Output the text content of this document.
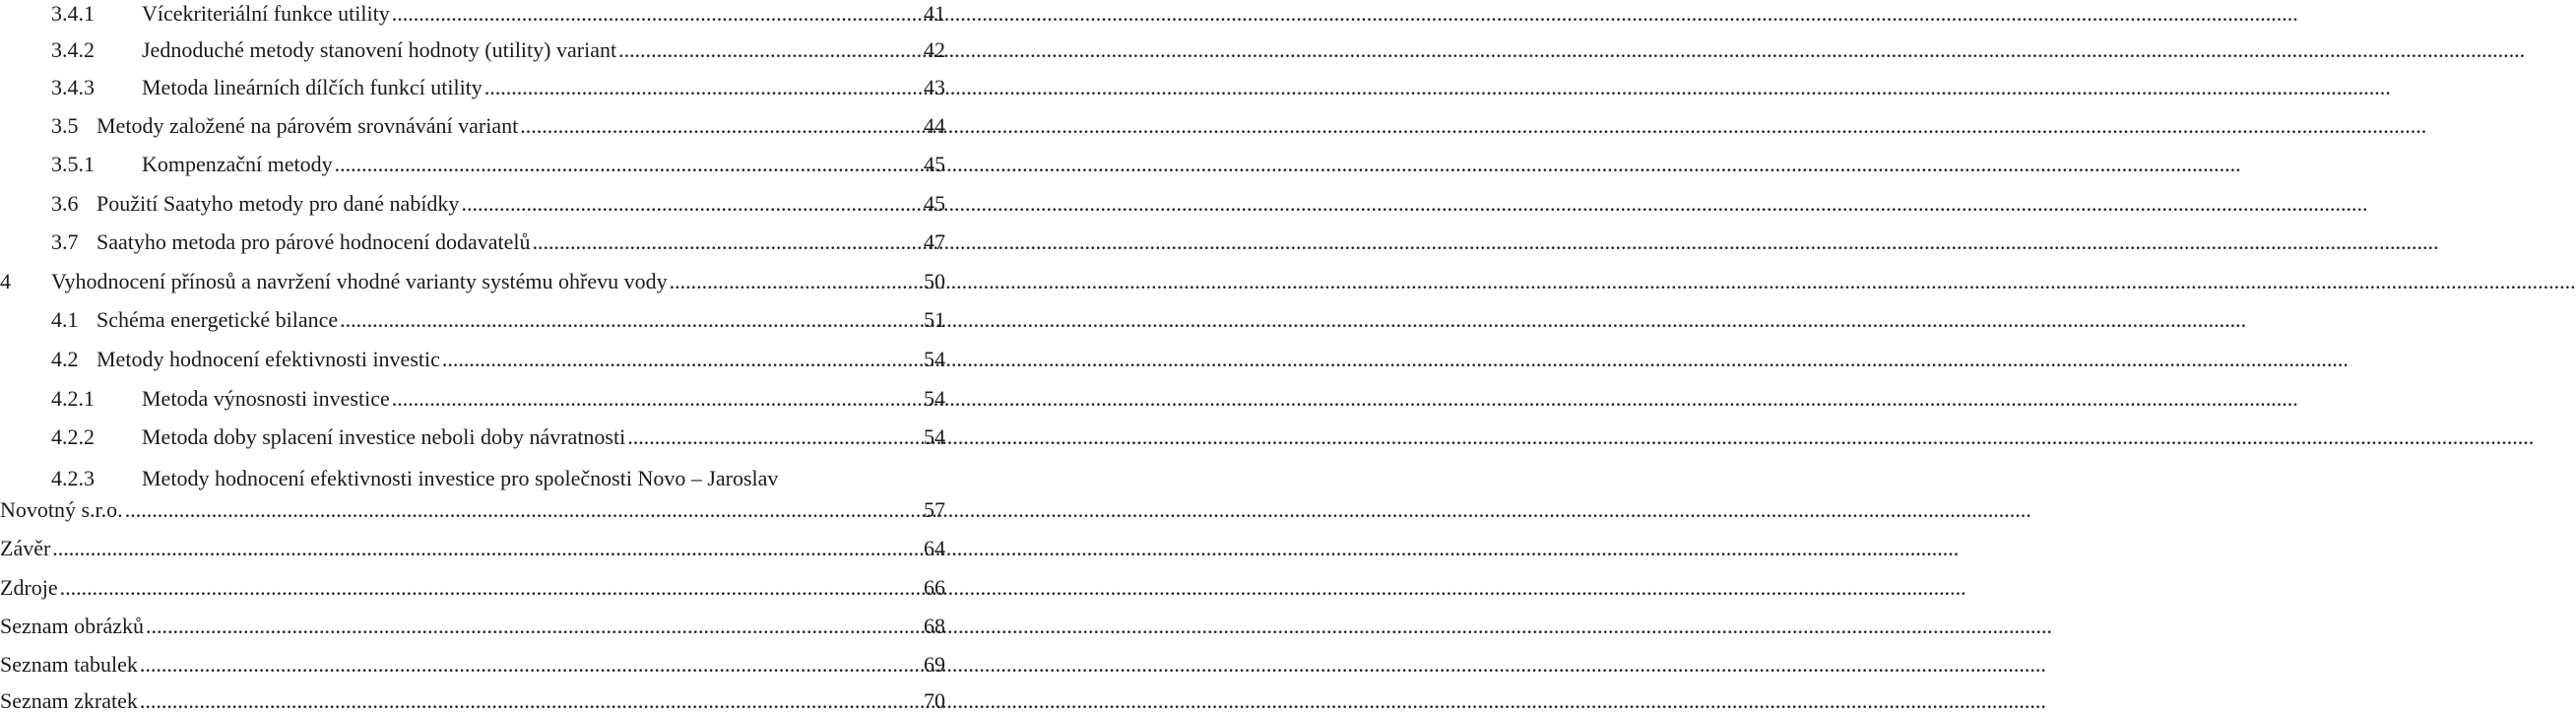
3.4.1	Vícekriteriální funkce utility .....	41
3.4.2	Jednoduché metody stanovení hodnoty (utility) variant .....	42
3.4.3	Metoda lineárních dílčích funkcí utility .....	43
3.5 Metody založené na párovém srovnávání variant .....	44
3.5.1	Kompenzační metody .....	45
3.6 Použití Saatyho metody pro dané nabídky .....	45
3.7 Saatyho metoda pro párové hodnocení dodavatelů .....	47
4	Vyhodnocení přínosů a navržení vhodné varianty systému ohřevu vody .....	50
4.1 Schéma energetické bilance .....	51
4.2 Metody hodnocení efektivnosti investic .....	54
4.2.1	Metoda výnosnosti investice .....	54
4.2.2	Metoda doby splacení investice neboli doby návratnosti .....	54
4.2.3 Metody hodnocení efektivnosti investice pro společnosti Novo – Jaroslav
Novotný s.r.o. .....	57
Závěr .....	64
Zdroje .....	66
Seznam obrázků .....	68
Seznam tabulek .....	69
Seznam zkratek .....	70
